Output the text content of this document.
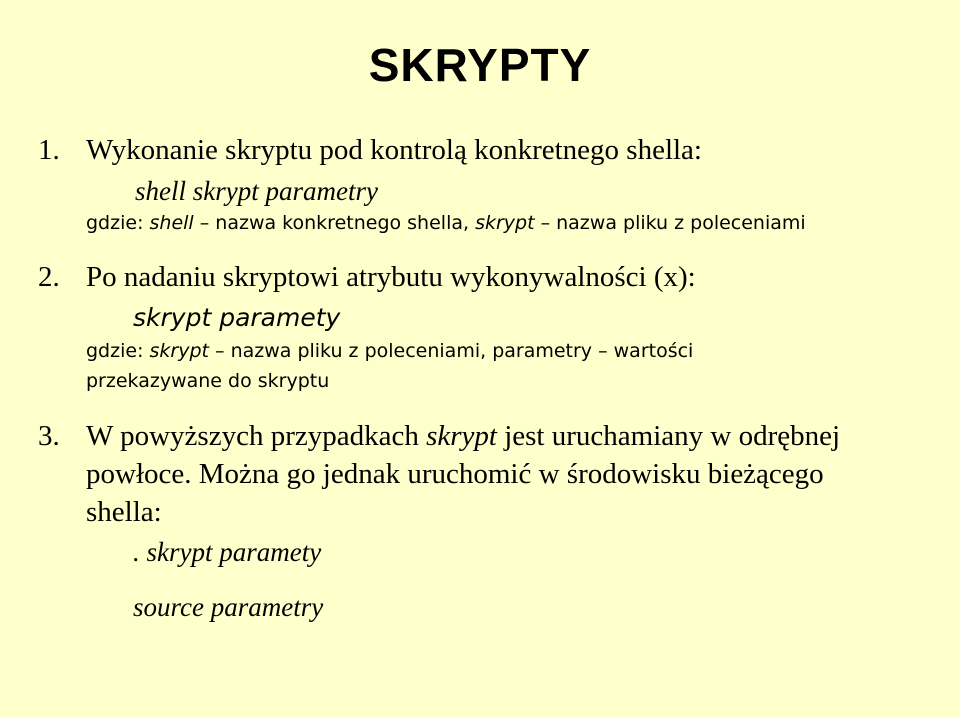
SKRYPTY
1. Wykonanie skryptu pod kontrolą konkretnego shella:
shell skrypt parametry
gdzie: shell – nazwa konkretnego shella, skrypt – nazwa pliku z poleceniami
2. Po nadaniu skryptowi atrybutu wykonywalności (x):
skrypt paramety
gdzie: skrypt – nazwa pliku z poleceniami, parametry – wartości
przekazywane do skryptu
3. W powyższych przypadkach skrypt jest uruchamiany w odrębnej
powłoce. Można go jednak uruchomić w środowisku bieżącego
shella:
. skrypt paramety
source parametry
